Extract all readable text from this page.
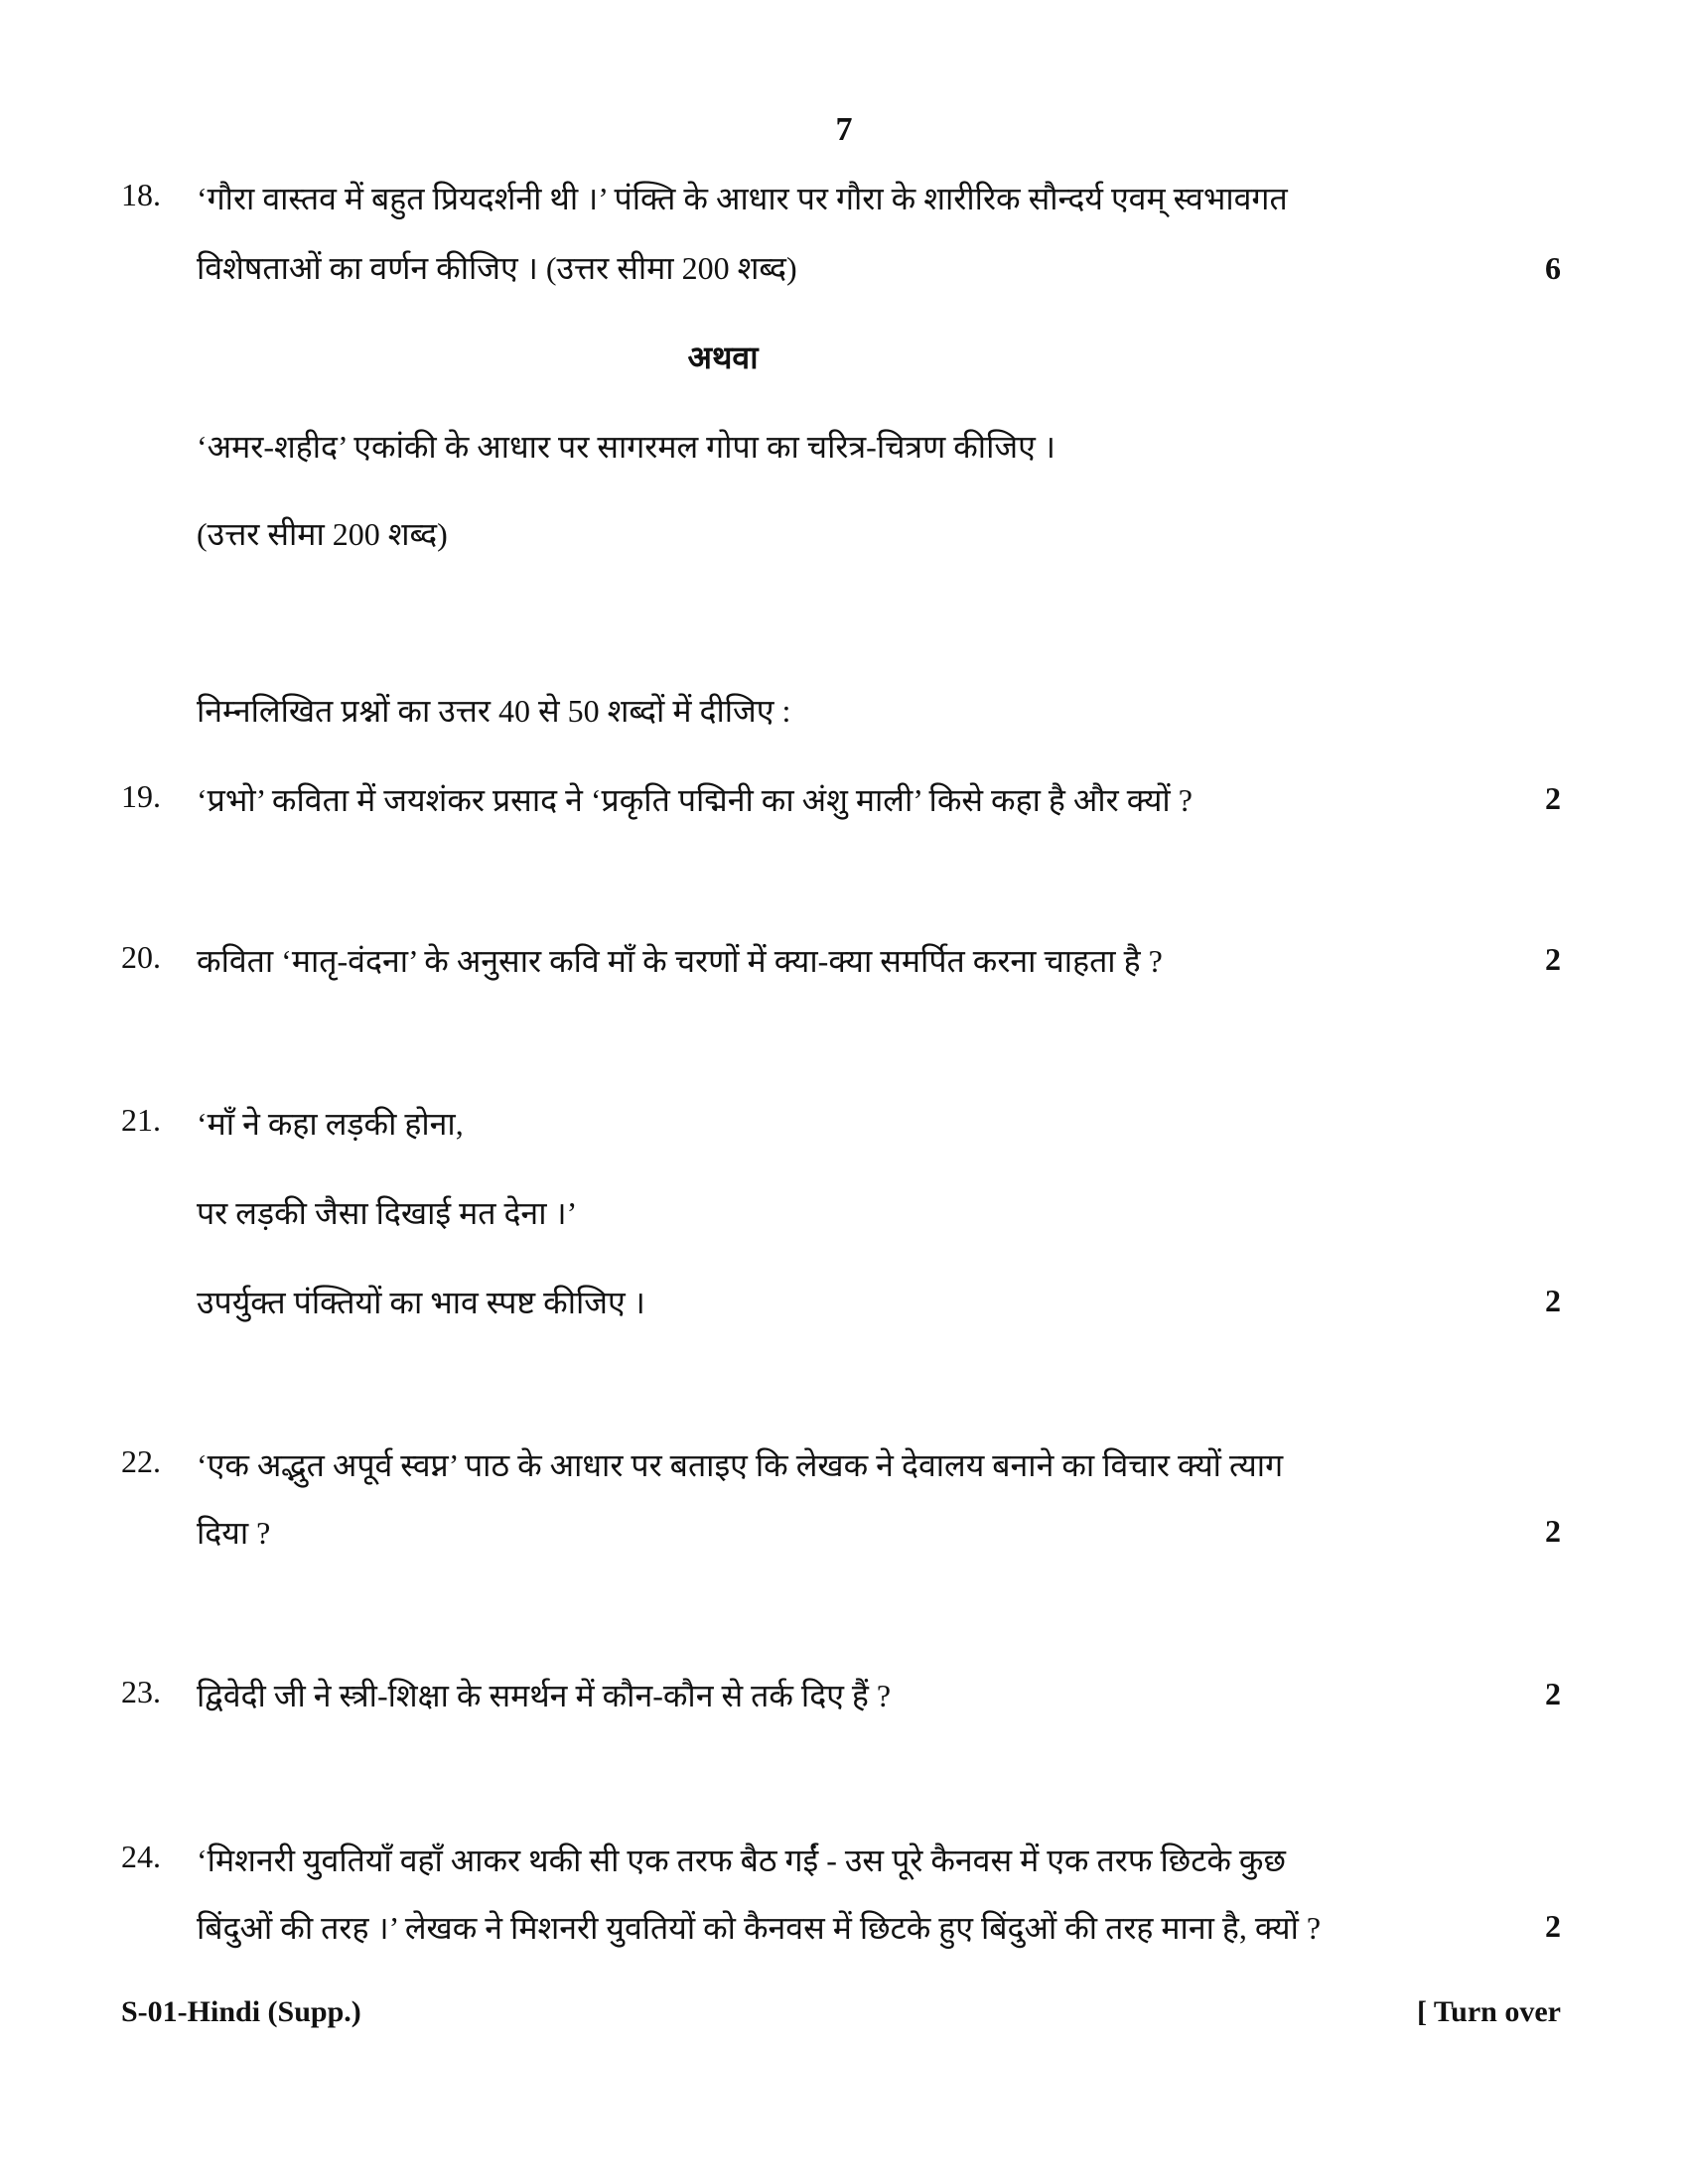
7
18. ‘गौरा वास्तव में बहुत प्रियदर्शनी थी ।’ पंक्ति के आधार पर गौरा के शारीरिक सौन्दर्य एवम् स्वभावगत
विशेषताओं का वर्णन कीजिए । (उत्तर सीमा 200 शब्द)	6
अथवा
‘अमर-शहीद’ एकांकी के आधार पर सागरमल गोपा का चरित्र-चित्रण कीजिए ।
(उत्तर सीमा 200 शब्द)
निम्नलिखित प्रश्नों का उत्तर 40 से 50 शब्दों में दीजिए :
19. ‘प्रभो’ कविता में जयशंकर प्रसाद ने ‘प्रकृति पद्मिनी का अंशु माली’ किसे कहा है और क्यों ?	2
20. कविता ‘मातृ-वंदना’ के अनुसार कवि माँ के चरणों में क्या-क्या समर्पित करना चाहता है ?	2
21. ‘माँ ने कहा लड़की होना,
पर लड़की जैसा दिखाई मत देना ।’
उपर्युक्त पंक्तियों का भाव स्पष्ट कीजिए ।	2
22. ‘एक अद्भुत अपूर्व स्वप्न’ पाठ के आधार पर बताइए कि लेखक ने देवालय बनाने का विचार क्यों त्याग
दिया ?	2
23. द्विवेदी जी ने स्त्री-शिक्षा के समर्थन में कौन-कौन से तर्क दिए हैं ?	2
24. ‘मिशनरी युवतियाँ वहाँ आकर थकी सी एक तरफ बैठ गईं - उस पूरे कैनवस में एक तरफ छिटके कुछ
बिंदुओं की तरह ।’ लेखक ने मिशनरी युवतियों को कैनवस में छिटके हुए बिंदुओं की तरह माना है, क्यों ?	2
S-01-Hindi (Supp.)	[ Turn over
